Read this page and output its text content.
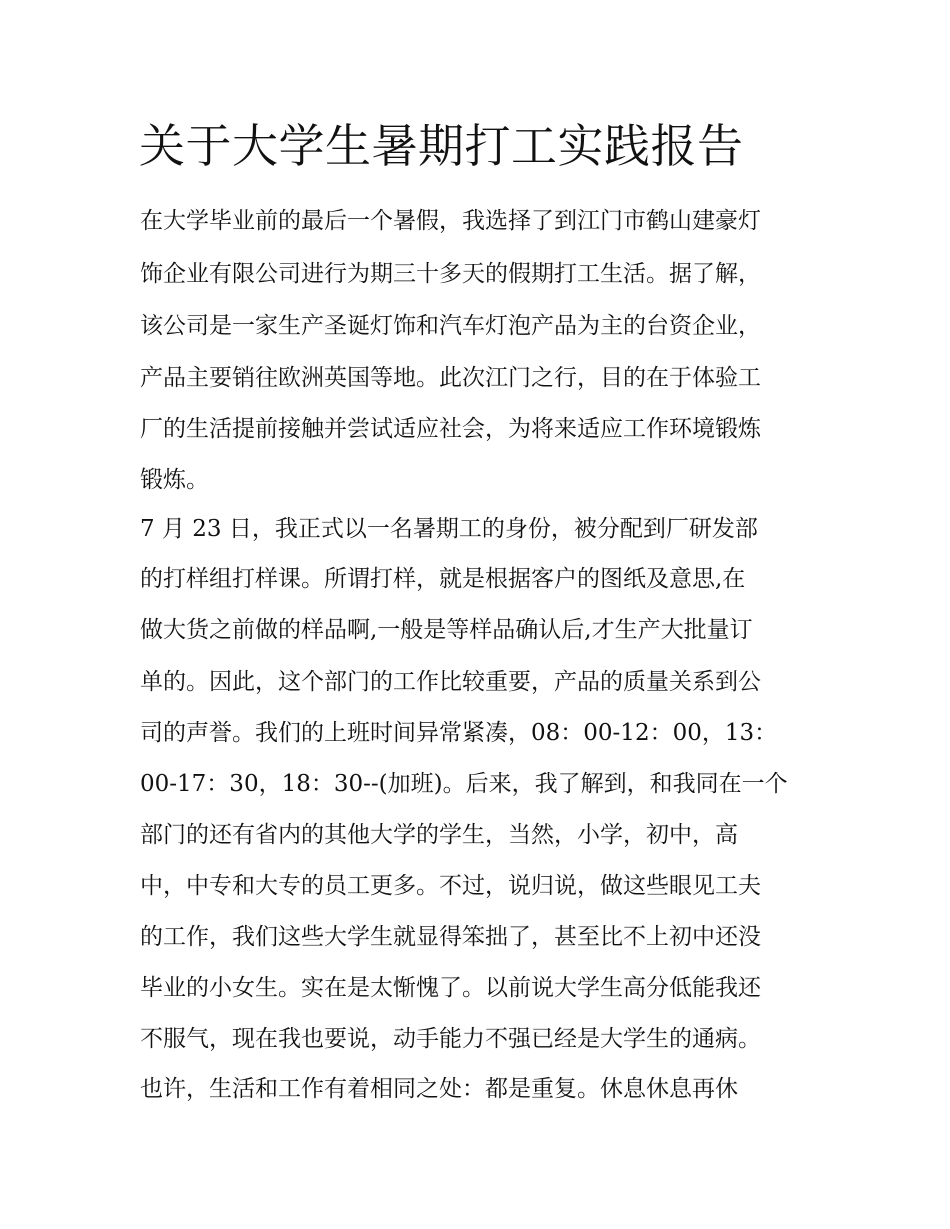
关于大学生暑期打工实践报告

在大学毕业前的最后一个暑假，我选择了到江门市鹤山建豪灯

饰企业有限公司进行为期三十多天的假期打工生活。据了解，

该公司是一家生产圣诞灯饰和汽车灯泡产品为主的台资企业，

产品主要销往欧洲英国等地。此次江门之行，目的在于体验工

厂的生活提前接触并尝试适应社会，为将来适应工作环境锻炼

锻炼。

7 月 23 日，我正式以一名暑期工的身份，被分配到厂研发部

的打样组打样课。所谓打样，就是根据客户的图纸及意思,在

做大货之前做的样品啊,一般是等样品确认后,才生产大批量订

单的。因此，这个部门的工作比较重要，产品的质量关系到公

司的声誉。我们的上班时间异常紧凑，08：00-12：00，13：

00-17：30，18：30--(加班)。后来，我了解到，和我同在一个

部门的还有省内的其他大学的学生，当然，小学，初中，高

中，中专和大专的员工更多。不过，说归说，做这些眼见工夫

的工作，我们这些大学生就显得笨拙了，甚至比不上初中还没

毕业的小女生。实在是太惭愧了。以前说大学生高分低能我还

不服气，现在我也要说，动手能力不强已经是大学生的通病。

也许，生活和工作有着相同之处：都是重复。休息休息再休
